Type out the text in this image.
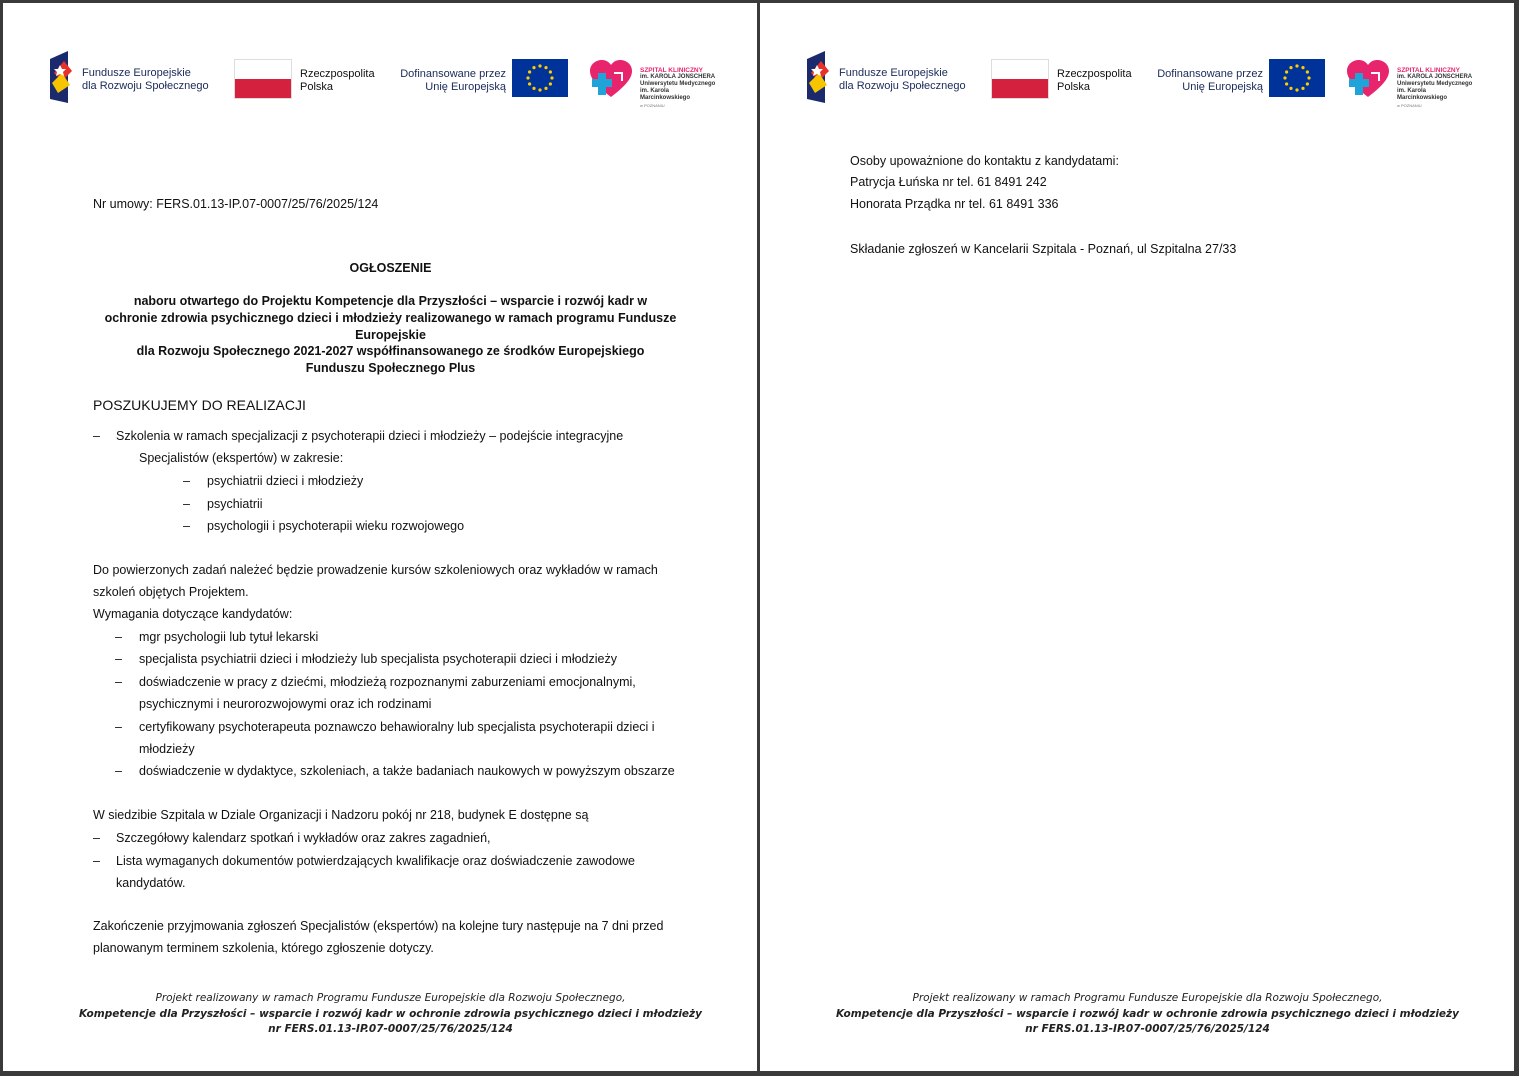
Fundusze Europejskie
dla Rozwoju Społecznego
Rzeczpospolita
Polska
Dofinansowane przez
Unię Europejską
SZPITAL KLINICZNY
im. KAROLA JONSCHERA
Uniwersytetu Medycznego
im. Karola Marcinkowskiego
w POZNANIU
Nr umowy: FERS.01.13-IP.07-0007/25/76/2025/124
OGŁOSZENIE
naboru otwartego do Projektu Kompetencje dla Przyszłości – wsparcie i rozwój kadr w
ochronie zdrowia psychicznego dzieci i młodzieży realizowanego w ramach programu Fundusze
Europejskie
dla Rozwoju Społecznego 2021-2027 współfinansowanego ze środków Europejskiego
Funduszu Społecznego Plus
POSZUKUJEMY DO REALIZACJI
– Szkolenia w ramach specjalizacji z psychoterapii dzieci i młodzieży – podejście integracyjne
Specjalistów (ekspertów) w zakresie:
– psychiatrii dzieci i młodzieży
– psychiatrii
– psychologii i psychoterapii wieku rozwojowego
Do powierzonych zadań należeć będzie prowadzenie kursów szkoleniowych oraz wykładów w ramach
szkoleń objętych Projektem.
Wymagania dotyczące kandydatów:
– mgr psychologii lub tytuł lekarski
– specjalista psychiatrii dzieci i młodzieży lub specjalista psychoterapii dzieci i młodzieży
– doświadczenie w pracy z dziećmi, młodzieżą rozpoznanymi zaburzeniami emocjonalnymi,
psychicznymi i neurorozwojowymi oraz ich rodzinami
– certyfikowany psychoterapeuta poznawczo behawioralny lub specjalista psychoterapii dzieci i
młodzieży
– doświadczenie w dydaktyce, szkoleniach, a także badaniach naukowych w powyższym obszarze
W siedzibie Szpitala w Dziale Organizacji i Nadzoru pokój nr 218, budynek E dostępne są
– Szczegółowy kalendarz spotkań i wykładów oraz zakres zagadnień,
– Lista wymaganych dokumentów potwierdzających kwalifikacje oraz doświadczenie zawodowe
kandydatów.
Zakończenie przyjmowania zgłoszeń Specjalistów (ekspertów) na kolejne tury następuje na 7 dni przed
planowanym terminem szkolenia, którego zgłoszenie dotyczy.
Projekt realizowany w ramach Programu Fundusze Europejskie dla Rozwoju Społecznego,
Kompetencje dla Przyszłości – wsparcie i rozwój kadr w ochronie zdrowia psychicznego dzieci i młodzieży
nr FERS.01.13-IP.07-0007/25/76/2025/124
Fundusze Europejskie
dla Rozwoju Społecznego
Rzeczpospolita
Polska
Dofinansowane przez
Unię Europejską
SZPITAL KLINICZNY
im. KAROLA JONSCHERA
Uniwersytetu Medycznego
im. Karola Marcinkowskiego
w POZNANIU
Osoby upoważnione do kontaktu z kandydatami:
Patrycja Łuńska nr tel. 61 8491 242
Honorata Prządka nr tel. 61 8491 336
Składanie zgłoszeń w Kancelarii Szpitala - Poznań, ul Szpitalna 27/33
Projekt realizowany w ramach Programu Fundusze Europejskie dla Rozwoju Społecznego,
Kompetencje dla Przyszłości – wsparcie i rozwój kadr w ochronie zdrowia psychicznego dzieci i młodzieży
nr FERS.01.13-IP.07-0007/25/76/2025/124
